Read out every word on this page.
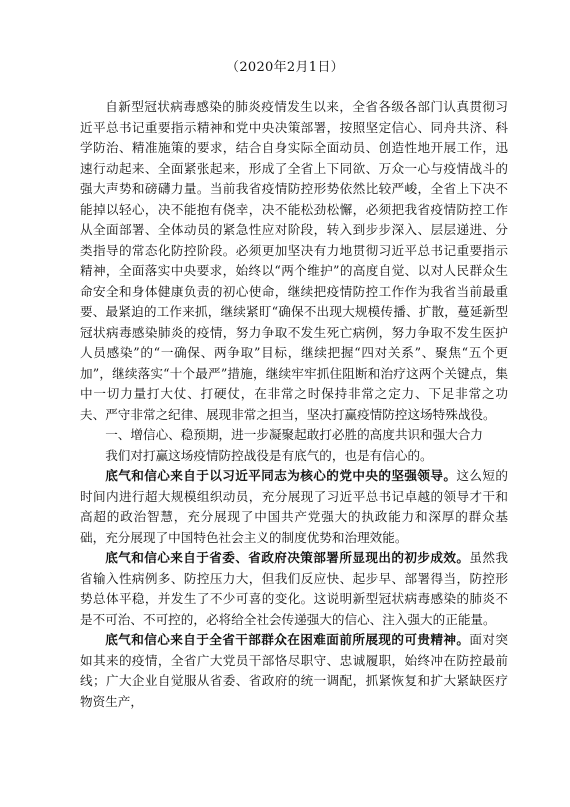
（2020年2月1日）

自新型冠状病毒感染的肺炎疫情发生以来，全省各级各部门认真贯彻习近平总书记重要指示精神和党中央决策部署，按照坚定信心、同舟共济、科学防治、精准施策的要求，结合自身实际全面动员、创造性地开展工作，迅速行动起来、全面紧张起来，形成了全省上下同欲、万众一心与疫情战斗的强大声势和磅礴力量。当前我省疫情防控形势依然比较严峻，全省上下决不能掉以轻心，决不能抱有侥幸，决不能松劲松懈，必须把我省疫情防控工作从全面部署、全体动员的紧急性应对阶段，转入到步步深入、层层递进、分类指导的常态化防控阶段。必须更加坚决有力地贯彻习近平总书记重要指示精神，全面落实中央要求，始终以“两个维护”的高度自觉、以对人民群众生命安全和身体健康负责的初心使命，继续把疫情防控工作作为我省当前最重要、最紧迫的工作来抓，继续紧盯“确保不出现大规模传播、扩散，蔓延新型冠状病毒感染肺炎的疫情，努力争取不发生死亡病例，努力争取不发生医护人员感染”的“一确保、两争取”目标，继续把握“四对关系”、聚焦“五个更加”，继续落实“十个最严”措施，继续牢牢抓住阻断和治疗这两个关键点，集中一切力量打大仗、打硬仗，在非常之时保持非常之定力、下足非常之功夫、严守非常之纪律、展现非常之担当，坚决打赢疫情防控这场特殊战役。

一、增信心、稳预期，进一步凝聚起敢打必胜的高度共识和强大合力

我们对打赢这场疫情防控战役是有底气的，也是有信心的。

底气和信心来自于以习近平同志为核心的党中央的坚强领导。这么短的时间内进行超大规模组织动员，充分展现了习近平总书记卓越的领导才干和高超的政治智慧，充分展现了中国共产党强大的执政能力和深厚的群众基础，充分展现了中国特色社会主义的制度优势和治理效能。

底气和信心来自于省委、省政府决策部署所显现出的初步成效。虽然我省输入性病例多、防控压力大，但我们反应快、起步早、部署得当，防控形势总体平稳，并发生了不少可喜的变化。这说明新型冠状病毒感染的肺炎不是不可治、不可控的，必将给全社会传递强大的信心、注入强大的正能量。

底气和信心来自于全省干部群众在困难面前所展现的可贵精神。面对突如其来的疫情，全省广大党员干部恪尽职守、忠诚履职，始终冲在防控最前线；广大企业自觉服从省委、省政府的统一调配，抓紧恢复和扩大紧缺医疗物资生产，
